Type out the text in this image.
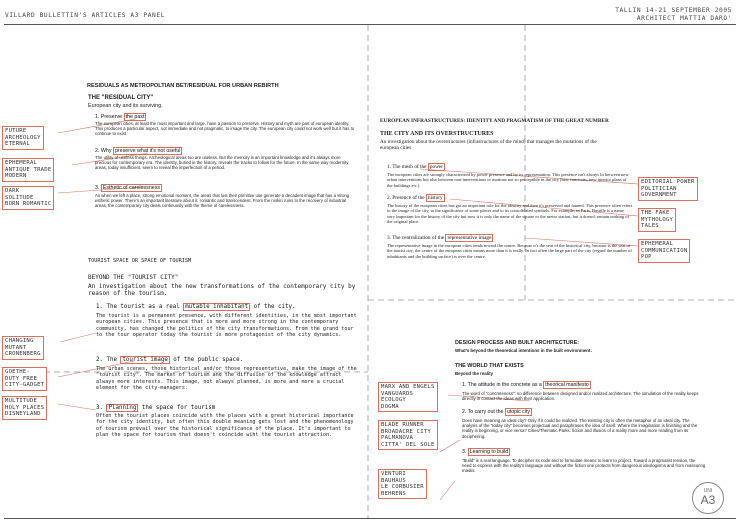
VILLARD BULLETTIN'S ARTICLES A3 PANEL
TALLIN 14-21 SEPTEMBER 2005
ARCHITECT MATTIA DARO'
RESIDUALS AS METROPOLTIAN BET/RESIDUAL FOR URBAN REBIRTH
THE "RESIDUAL CITY"
European city and its surviving.
1. Preserve the past
The european cities, at least the most important and large, have a passion to preserve. History and myth are part of european identity. This produces a particular aspect, not immediate and not pragmatic, to image the city. The european city could not work well but it has to continue to exist.
2. Why preserve what it's not useful
The utility of useless things. Archeological areas too are useless. But the memory is an important knowledge and it's always more precious for contemporary era. The identity, buried in the history, reveals the tracks to follow for the future. In the same way modernity areas, today insufficient, seem to reveal the imperfection of a period.
3. Esthetic of carelessness
As when we left a place, strong emotional moment, the areas that lost their primitive use generate a decadent image that has a strong esthetic power. There's an important literature about it, romantic and transcendent. From the ruskin ruins to the recovery of industrial areas, the contemporary city deals continuosly with the theme of carelessness.
TOURIST SPACE OR SPACE OF TOURISM
BEYOND THE "TOURIST CITY"
An investigation about the new transformations of the contemporary city by reason of the tourism.
1. The tourist as a real mutable inhabitant of the city.
The tourist is a permanent presence, with different identities, in the most important european cities. This presence that is more and more strong in the contemporary community, has changed the politics of the city transformations. From the grand tour to the tour operator today the tourist is more protagonist of the city dynamics.
2. The tourist image of the public space.
The urban scenes, those historical and/or those representative, make the image of the "tourist city". The market of tourism and the diffusion of the knowledge attract always more interests. This image, not always planned, is more and more a crucial element for the city-managers.
3. Planning the space for tourism
Often the tourist places coincide with the places with a great historical importance for the city identity, but often this double meaning gets lost and the phenomenology of tourism prevail over the historical significance of the place. It's important to plan the space for tourism that doesn't coincide wiht the tourist attraction.
EUROPEAN INFRASTRUCTURES: IDENTITY AND PRAGMATISM OF THE GREAT NUMBER
THE CITY AND ITS OVERSTRUCTURES
An investigation about the overstructures (infrastructures of the mind) that manages the mutations of the european cities
1. The mesh of the power
The european cities are strongly characterized by power presence and by its representation. This presence isn't always lit between new urban interventions but also between non-interventions or motions not so perceptible in the city (new functions, new interior plans of the buildings etc.)
2. Presence of the history
The history of the european cities has got an important role for the identity and then it's preserved and fanned. This presence often refers to the image of the city, to the significance of some places and to its consolidated symbols. For example, in Paris, Bastille is a name very important for the history of the city but now it is only the name of the square or the metro station, but it doesn't remain nothing of the original place.
3. The centralization of the representative image
The representative image in the european cities tends toward the centre. Because it's the seat of the historical city, because is the seat of the tourist city, the centre of the european cities means more than it is really. In fact often the large part of the city (regard the number of inhabitants and the building surface) is over the centre.
DESIGN PROCESS AND BUILT ARCHITECTURE:
What's beyond the theoretical intentions in the built environment.
THE WORLD THAT EXISTS
Beyond the reality
1. The attitude in the concrete as a theorical manifesto
The word of "concreteness": no difference between designed and/or realized architecture. The simulation of the reality keeps directly in contact the ideas with their application.
2. To carry out the utopic city
Does have meaning an ideal city? Only if it could be realized. The existing city is often the metaphor of an ideal city. The analysis of the "today city" becomes projectual and paraphrases the idea of itself. Where the imagination is finishing and the reality is beginning, or vice versa? Cities/Thematic Parks: fiction and illusion of a reality more and more reading from its deciphering.
3. Learning to build
"Build" is a real language. To decipher its code and to formulate means to learn to project. Toward a pragmatist tension, the need to express with the reality's language and without the fiction one protects from dangerous ideologisms and from reassuring masks.
FUTURE
ARCHEOLOGY
ETERNAL
EPHEMERAL
ANTIQUE TRADE
MODERN
DARK
SOLITUDE
BORN ROMANTIC
CHANGING
MUTANT
CRONENBERG
GOETHE-
DUTY FREE
CITY-GADGET
MULTITUDE
HOLY PLACES
DISNEYLAND
EDITORIAL POWER
POLITICIAN
GOVERNMENT
THE FAKE
MYTHOLOGY
TALES
EPHEMERAL
COMMUNICATION
POP
MARX AND ENGELS
VANGUARDS
ECOLOGY
DOGMA
BLADE RUNNER
BROADACRE CITY
PALMANOVA
CITTA' DEL SOLE
VENTURI
BAUHAUS
LE CORBUSIER
BEHRENS	UNI
A3
